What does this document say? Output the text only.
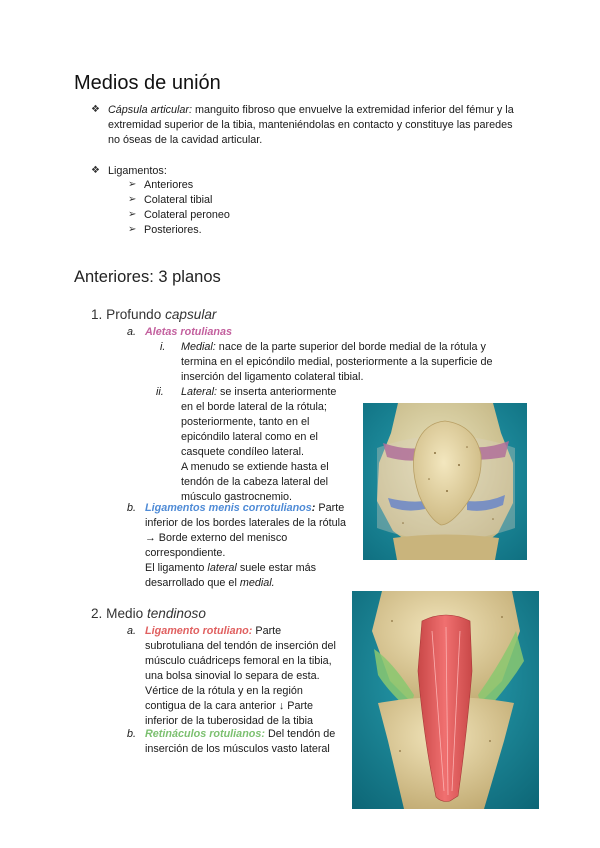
Medios de unión
❖ Cápsula articular: manguito fibroso que envuelve la extremidad inferior del fémur y la
extremidad superior de la tibia, manteniéndolas en contacto y constituye las paredes
no óseas de la cavidad articular.
❖ Ligamentos:
➢ Anteriores
➢ Colateral tibial
➢ Colateral peroneo
➢ Posteriores.
Anteriores: 3 planos
1. Profundo capsular
a. Aletas rotulianas
i. Medial: nace de la parte superior del borde medial de la rótula y
termina en el epicóndilo medial, posteriormente a la superficie de
inserción del ligamento colateral tibial.
ii. Lateral: se inserta anteriormente
en el borde lateral de la rótula;
posteriormente, tanto en el
epicóndilo lateral como en el
casquete condíleo lateral.
A menudo se extiende hasta el
tendón de la cabeza lateral del
músculo gastrocnemio.
b. Ligamentos menis corrotulianos: Parte
inferior de los bordes laterales de la rótula
→ Borde externo del menisco
correspondiente.
El ligamento lateral suele estar más
desarrollado que el medial.
2. Medio tendinoso
a. Ligamento rotuliano: Parte
subrotuliana del tendón de inserción del
músculo cuádriceps femoral en la tibia,
una bolsa sinovial lo separa de esta.
Vértice de la rótula y en la región
contigua de la cara anterior ↓ Parte
inferior de la tuberosidad de la tibia
b. Retináculos rotulianos: Del tendón de
inserción de los músculos vasto lateral
